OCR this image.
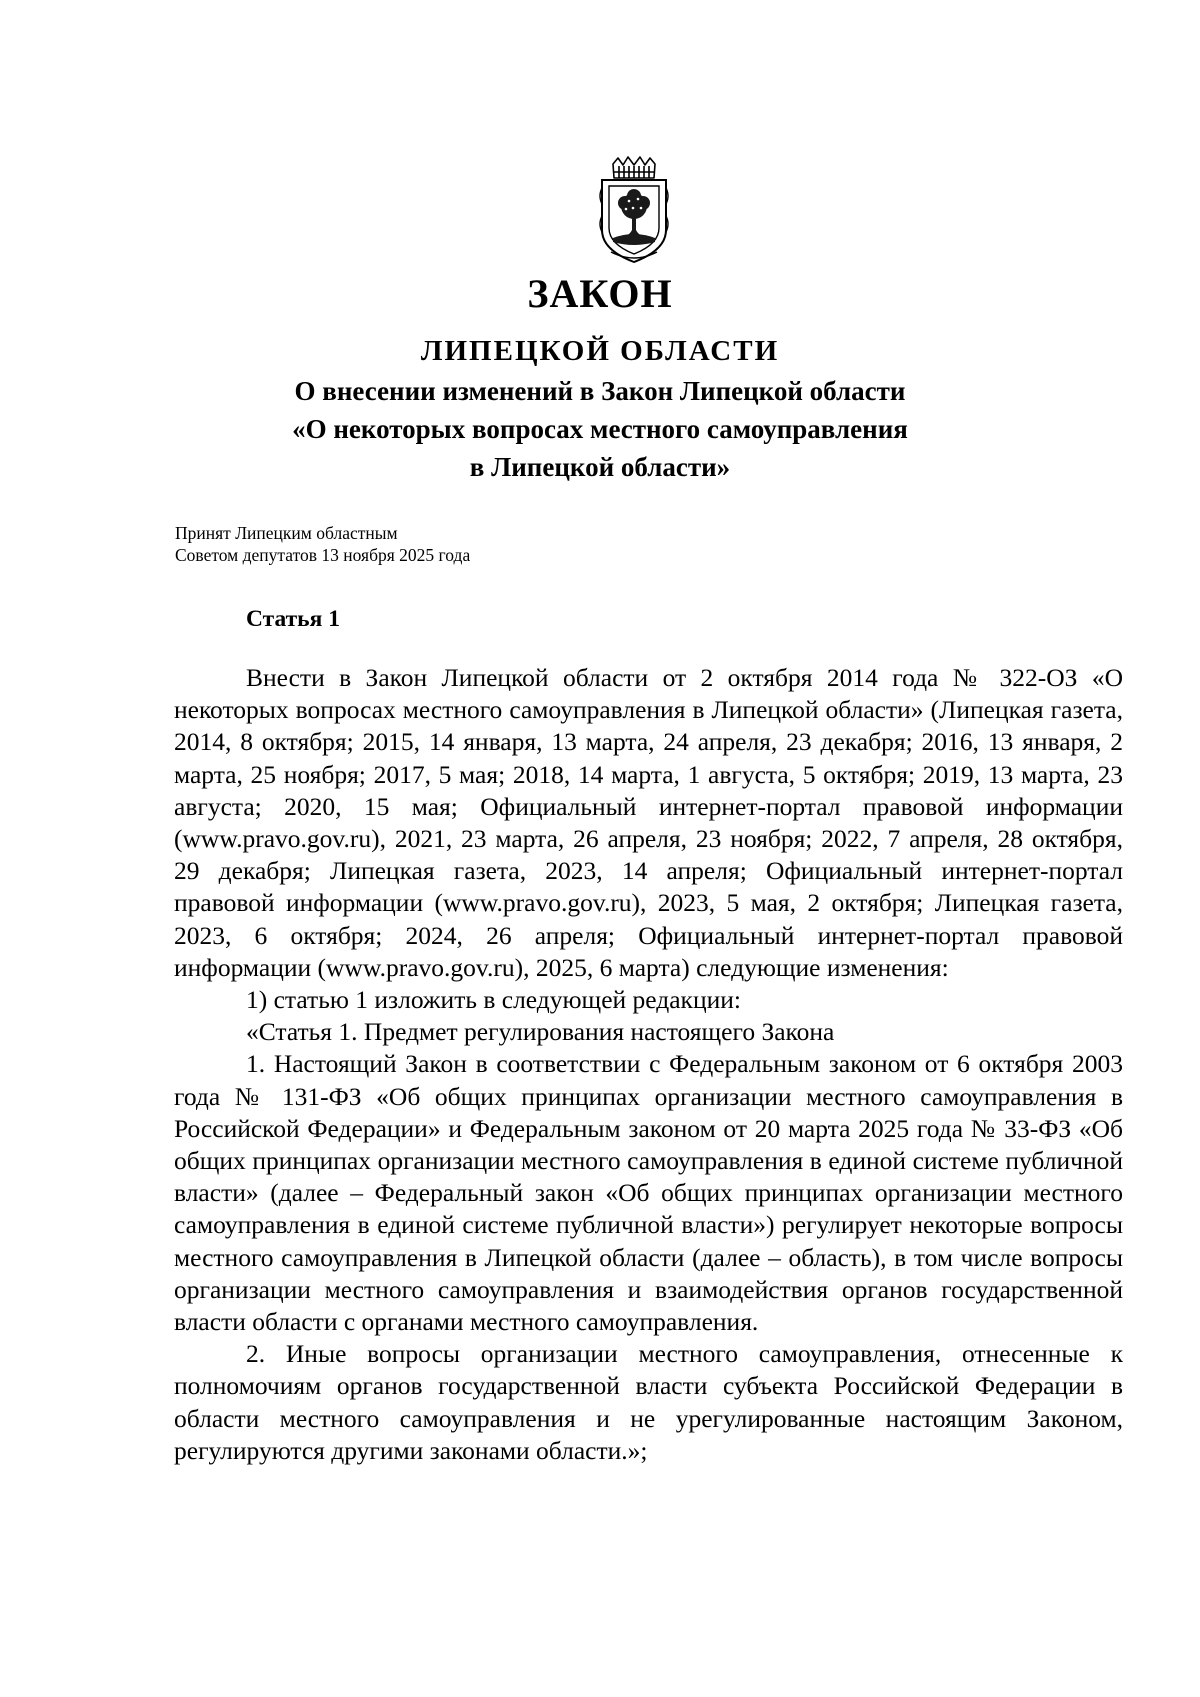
ЗАКОН
ЛИПЕЦКОЙ ОБЛАСТИ
О внесении изменений в Закон Липецкой области
«О некоторых вопросах местного самоуправления
в Липецкой области»
Принят Липецким областным
Советом депутатов 13 ноября 2025 года
Статья 1

Внести в Закон Липецкой области от 2 октября 2014 года № 322-ОЗ «О некоторых вопросах местного самоуправления в Липецкой области» (Липецкая газета, 2014, 8 октября; 2015, 14 января, 13 марта, 24 апреля, 23 декабря; 2016, 13 января, 2 марта, 25 ноября; 2017, 5 мая; 2018, 14 марта, 1 августа, 5 октября; 2019, 13 марта, 23 августа; 2020, 15 мая; Официальный интернет-портал правовой информации (www.pravo.gov.ru), 2021, 23 марта, 26 апреля, 23 ноября; 2022, 7 апреля, 28 октября, 29 декабря; Липецкая газета, 2023, 14 апреля; Официальный интернет-портал правовой информации (www.pravo.gov.ru), 2023, 5 мая, 2 октября; Липецкая газета, 2023, 6 октября; 2024, 26 апреля; Официальный интернет-портал правовой информации (www.pravo.gov.ru), 2025, 6 марта) следующие изменения:

1) статью 1 изложить в следующей редакции:

«Статья 1. Предмет регулирования настоящего Закона

1. Настоящий Закон в соответствии с Федеральным законом от 6 октября 2003 года № 131-ФЗ «Об общих принципах организации местного самоуправления в Российской Федерации» и Федеральным законом от 20 марта 2025 года № 33-ФЗ «Об общих принципах организации местного самоуправления в единой системе публичной власти» (далее – Федеральный закон «Об общих принципах организации местного самоуправления в единой системе публичной власти») регулирует некоторые вопросы местного самоуправления в Липецкой области (далее – область), в том числе вопросы организации местного самоуправления и взаимодействия органов государственной власти области с органами местного самоуправления.

2. Иные вопросы организации местного самоуправления, отнесенные к полномочиям органов государственной власти субъекта Российской Федерации в области местного самоуправления и не урегулированные настоящим Законом, регулируются другими законами области.»;
